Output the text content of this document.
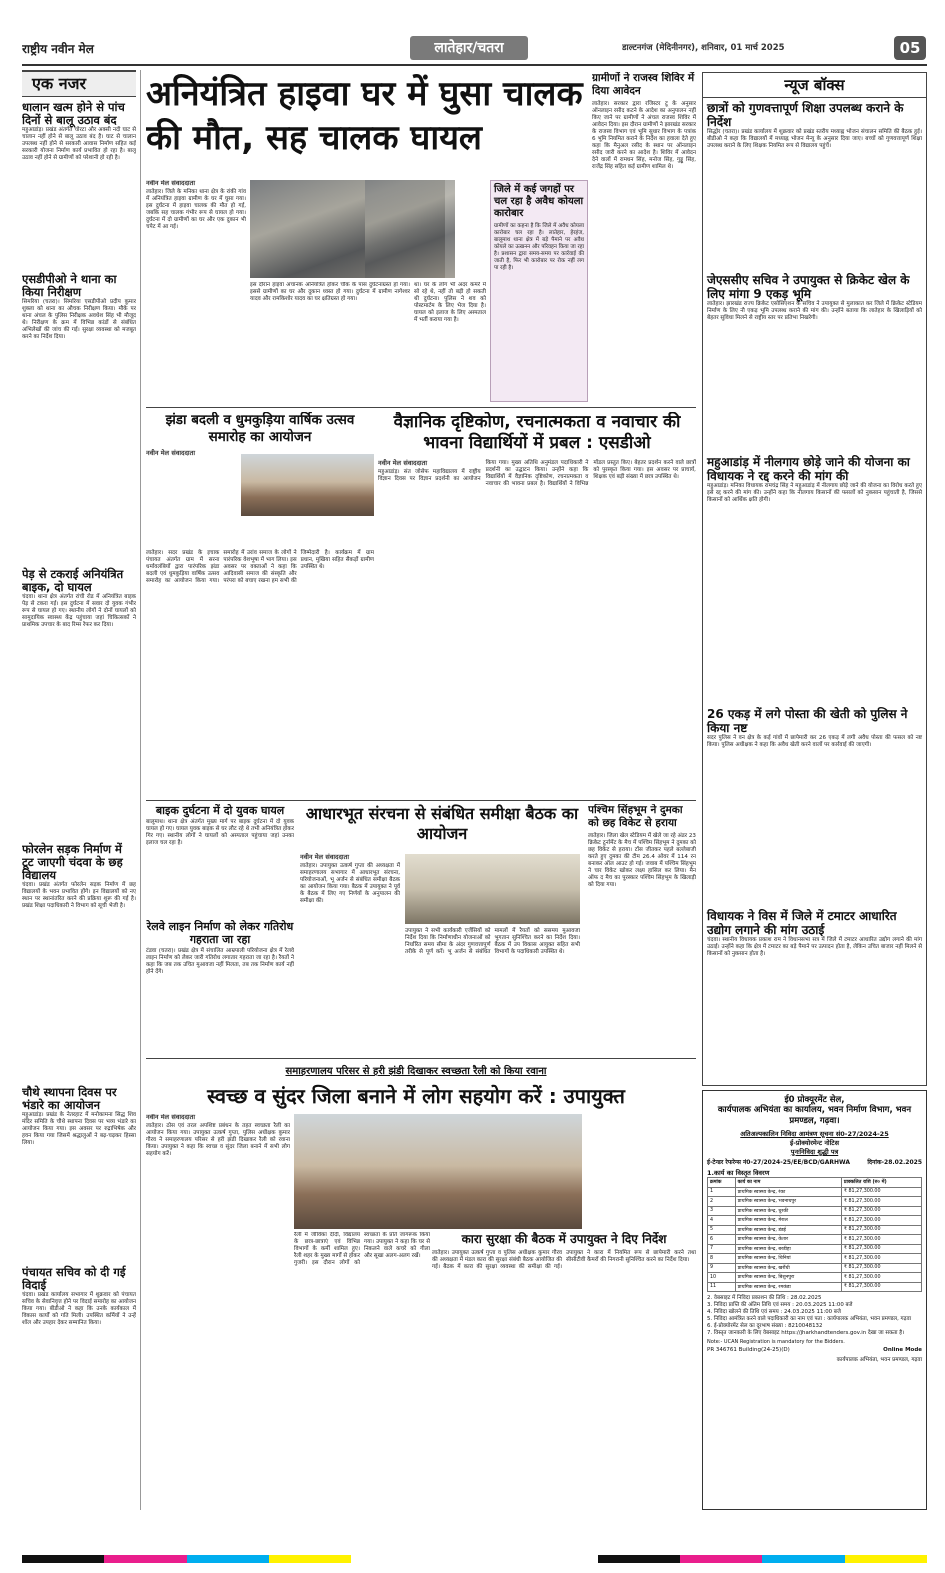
राष्ट्रीय नवीन मेल	लातेहार/चतरा	डाल्टनगंज (मेदिनीनगर), शनिवार, 01 मार्च 2025	05
एक नजर
धालान खत्म होने से पांच दिनों से बालू उठाव बंद
महुआडांड़। प्रखंड अंतर्गत चोरटा और अक्सी नदी घाट से चालान नहीं होने से बालू उठाव बंद है। घाट से चालान उपलब्ध नहीं होने से सरकारी आवास निर्माण सहित कई सरकारी योजना निर्माण कार्य प्रभावित हो रहा है। बालू उठाव नहीं होने से ग्रामीणों को परेशानी हो रही है।
एसडीपीओ ने थाना का किया निरीक्षण
सिमरिया (चतरा)। सिमरिया एसडीपीओ प्रदीप कुमार शुक्ला को थाना का औचक निरीक्षण किया। मौके पर थाना अंचल के पुलिस निरीक्षक अवधेश सिंह भी मौजूद थे। निरीक्षण के क्रम में विभिन्न कांडों से संबंधित अभिलेखों की जांच की गई। सुरक्षा व्यवस्था को मजबूत करने का निर्देश दिया।
पेड़ से टकराई अनियंत्रित बाइक, दो घायल
चंदवा। थाना क्षेत्र अंतर्गत रांची रोड में अनियंत्रित बाइक पेड़ से टकरा गई। इस दुर्घटना में सवार दो युवक गंभीर रूप से घायल हो गए। स्थानीय लोगों ने दोनों घायलों को सामुदायिक स्वास्थ्य केंद्र पहुंचाया जहां चिकित्सकों ने प्राथमिक उपचार के बाद रिम्स रेफर कर दिया।
फोरलेन सड़क निर्माण में टूट जाएगी चंदवा के छह विद्यालय
चंदवा। प्रखंड अंतर्गत फोरलेन सड़क निर्माण में छह विद्यालयों के भवन प्रभावित होंगे। इन विद्यालयों को नए स्थान पर स्थानांतरित करने की प्रक्रिया शुरू की गई है। प्रखंड शिक्षा पदाधिकारी ने विभाग को सूची भेजी है।
चौथे स्थापना दिवस पर भंडारे का आयोजन
महुआडांड़। प्रखंड के नेतरहाट में मनोकामना सिद्ध शिव मंदिर समिति के चौथे स्थापना दिवस पर भव्य भंडारे का आयोजन किया गया। इस अवसर पर रुद्राभिषेक और हवन किया गया जिसमें श्रद्धालुओं ने बढ़-चढ़कर हिस्सा लिया।
पंचायत सचिव को दी गई विदाई
चंदवा। प्रखंड कार्यालय सभागार में शुक्रवार को पंचायत सचिव के सेवानिवृत्त होने पर विदाई समारोह का आयोजन किया गया। बीडीओ ने कहा कि उनके कार्यकाल में विकास कार्यों को गति मिली। उपस्थित कर्मियों ने उन्हें शॉल और उपहार देकर सम्मानित किया।
अनियंत्रित हाइवा घर में घुसा चालक की मौत, सह चालक घायल
नवीन मेल संवाददाता
लातेहार। जिले के मनिका थाना क्षेत्र के रांकी गांव में अनियंत्रित हाइवा ग्रामीण के घर में घुसा गया। इस दुर्घटना में हाइवा चालक की मौत हो गई, जबकि सह चालक गंभीर रूप से घायल हो गया। दुर्घटना में दो ग्रामीणों का घर और एक दुकान भी चपेट में आ गई।
इस दौरान हाइवा अचानक अनियंत्रित होकर चौक के पास दुर्घटनाग्रस्त हो गया। इससे ग्रामीणों का घर और दुकान ध्वस्त हो गया। दुर्घटना में ग्रामीण नागेश्वर यादव और रामकिशोर यादव का घर क्षतिग्रस्त हो गया।
था। घर के लोग भी अंदर कमरे में सो रहे थे, नहीं तो बड़ी हो सकती थी दुर्घटना। पुलिस ने शव को पोस्टमार्टम के लिए भेज दिया है। घायल को इलाज के लिए अस्पताल में भर्ती कराया गया है।
जिले में कई जगहों पर चल रहा है अवैध कोयला कारोबार
ग्रामीणों का कहना है कि जिले में अवैध कोयला कारोबार चल रहा है। लातेहार, हेरहंज, बालूमाथ थाना क्षेत्र में बड़े पैमाने पर अवैध कोयले का उत्खनन और परिवहन किया जा रहा है। प्रशासन द्वारा समय-समय पर कार्रवाई की जाती है, फिर भी कारोबार पर रोक नहीं लग पा रही है।
ग्रामीणों ने राजस्व शिविर में दिया आवेदन
लातेहार। सरकार द्वारा रजिस्टर टू के अनुसार ऑनलाइन रसीद कटने के आदेश का अनुपालन नहीं किए जाने पर ग्रामीणों ने अंचल राजस्व शिविर में आवेदन दिया। इस दौरान ग्रामीणों ने झारखंड सरकार के राजस्व विभाग एवं भूमि सुधार विभाग के पत्रांक 6 भूमि नियमित कराने के निर्देश का हवाला देते हुए कहा कि मैनुअल रसीद के स्थान पर ऑनलाइन रसीद जारी करने का आदेश है। शिविर में आवेदन देने वालों में रामधन सिंह, मनोज सिंह, गुड्डू सिंह, राजेंद्र सिंह सहित कई ग्रामीण शामिल थे।
न्यूज बॉक्स
छात्रों को गुणवत्तापूर्ण शिक्षा उपलब्ध कराने के निर्देश
सिद्धोर (चतरा)। प्रखंड कार्यालय में शुक्रवार को प्रखंड स्तरीय मध्याह्न भोजन संचालन समिति की बैठक हुई। बीडीओ ने कहा कि विद्यालयों में मध्याह्न भोजन मेन्यू के अनुसार दिया जाए। बच्चों को गुणवत्तापूर्ण शिक्षा उपलब्ध कराने के लिए शिक्षक नियमित रूप से विद्यालय पहुंचें।
जेएससीए सचिव ने उपायुक्त से क्रिकेट खेल के लिए मांगा 9 एकड़ भूमि
लातेहार। झारखंड राज्य क्रिकेट एसोसिएशन के सचिव ने उपायुक्त से मुलाकात कर जिले में क्रिकेट स्टेडियम निर्माण के लिए नौ एकड़ भूमि उपलब्ध कराने की मांग की। उन्होंने बताया कि लातेहार के खिलाड़ियों को बेहतर सुविधा मिलने से राष्ट्रीय स्तर पर प्रतिभा निखरेगी।
महुआडांड़ में नीलगाय छोड़े जाने की योजना का विधायक ने रद्द करने की मांग की
महुआडांड़। मनिका विधायक रामचंद्र सिंह ने महुआडांड़ में नीलगाय छोड़े जाने की योजना का विरोध करते हुए इसे रद्द करने की मांग की। उन्होंने कहा कि नीलगाय किसानों की फसलों को नुकसान पहुंचाती है, जिससे किसानों को आर्थिक क्षति होगी।
26 एकड़ में लगे पोस्ता की खेती को पुलिस ने किया नष्ट
सदर पुलिस ने वन क्षेत्र के कई गांवों में छापेमारी कर 26 एकड़ में लगी अवैध पोस्ता की फसल को नष्ट किया। पुलिस अधीक्षक ने कहा कि अवैध खेती करने वालों पर कार्रवाई की जाएगी।
विधायक ने विस में जिले में टमाटर आधारित उद्योग लगाने की मांग उठाई
चंदवा। स्थानीय विधायक प्रकाश राम ने विधानसभा सत्र में जिले में टमाटर आधारित उद्योग लगाने की मांग उठाई। उन्होंने कहा कि क्षेत्र में टमाटर का बड़े पैमाने पर उत्पादन होता है, लेकिन उचित बाजार नहीं मिलने से किसानों को नुकसान होता है।
झंडा बदली व धुमकुड़िया वार्षिक उत्सव समारोह का आयोजन
नवीन मेल संवाददाता
लातेहार। सदर प्रखंड के इचाक पंचायत अंतर्गत ग्राम में सरना धर्मावलंबियों द्वारा पारंपरिक झंडा बदली एवं धुमकुड़िया वार्षिक उत्सव समारोह का आयोजन किया गया। समारोह में उरांव समाज के लोगों ने पारंपरिक वेशभूषा में भाग लिया। इस अवसर पर वक्ताओं ने कहा कि आदिवासी समाज की संस्कृति और परंपरा को बचाए रखना हम सभी की जिम्मेदारी है। कार्यक्रम में ग्राम प्रधान, मुखिया सहित सैकड़ों ग्रामीण उपस्थित थे।
वैज्ञानिक दृष्टिकोण, रचनात्मकता व नवाचार की भावना विद्यार्थियों में प्रबल : एसडीओ
नवीन मेल संवाददाता
महुआडांड़। संत जोसेफ महाविद्यालय में राष्ट्रीय विज्ञान दिवस पर विज्ञान प्रदर्शनी का आयोजन किया गया। मुख्य अतिथि अनुमंडल पदाधिकारी ने प्रदर्शनी का उद्घाटन किया। उन्होंने कहा कि विद्यार्थियों में वैज्ञानिक दृष्टिकोण, रचनात्मकता व नवाचार की भावना प्रबल है। विद्यार्थियों ने विभिन्न मॉडल प्रस्तुत किए। बेहतर प्रदर्शन करने वाले छात्रों को पुरस्कृत किया गया। इस अवसर पर प्राचार्य, शिक्षक एवं बड़ी संख्या में छात्र उपस्थित थे।
बाइक दुर्घटना में दो युवक घायल
बालूमाथ। थाना क्षेत्र अंतर्गत मुख्य मार्ग पर बाइक दुर्घटना में दो युवक घायल हो गए। घायल युवक बाइक से घर लौट रहे थे तभी अनियंत्रित होकर गिर गए। स्थानीय लोगों ने घायलों को अस्पताल पहुंचाया जहां उनका इलाज चल रहा है।
रेलवे लाइन निर्माण को लेकर गतिरोध गहराता जा रहा
टंडवा (चतरा)। प्रखंड क्षेत्र में संचालित आम्रपाली परियोजना क्षेत्र में रेलवे लाइन निर्माण को लेकर जारी गतिरोध लगातार गहराता जा रहा है। रैयतों ने कहा कि जब तक उचित मुआवजा नहीं मिलता, तब तक निर्माण कार्य नहीं होने देंगे।
आधारभूत संरचना से संबंधित समीक्षा बैठक का आयोजन
नवीन मेल संवाददाता
लातेहार। उपायुक्त उत्कर्ष गुप्ता की अध्यक्षता में समाहरणालय सभागार में आधारभूत संरचना, परियोजनाओं, भू अर्जन से संबंधित समीक्षा बैठक का आयोजन किया गया। बैठक में उपायुक्त ने पूर्व के बैठक में लिए गए निर्णयों के अनुपालन की समीक्षा की।
उपायुक्त ने सभी कार्यकारी एजेंसियों को निर्देश दिया कि निर्माणाधीन योजनाओं को निर्धारित समय सीमा के अंदर गुणवत्तापूर्ण तरीके से पूर्ण करें। भू अर्जन से संबंधित मामलों में रैयतों को ससमय मुआवजा भुगतान सुनिश्चित करने का निर्देश दिया। बैठक में उप विकास आयुक्त सहित सभी विभागों के पदाधिकारी उपस्थित थे।
पश्चिम सिंहभूम ने दुमका को छह विकेट से हराया
लातेहार। जिला खेल स्टेडियम में खेले जा रहे अंडर 23 क्रिकेट टूर्नामेंट के मैच में पश्चिम सिंहभूम ने दुमका को छह विकेट से हराया। टॉस जीतकर पहले बल्लेबाजी करते हुए दुमका की टीम 26.4 ओवर में 114 रन बनाकर ऑल आउट हो गई। जवाब में पश्चिम सिंहभूम ने चार विकेट खोकर लक्ष्य हासिल कर लिया। मैन ऑफ द मैच का पुरस्कार पश्चिम सिंहभूम के खिलाड़ी को दिया गया।
समाहरणालय परिसर से हरी झंडी दिखाकर स्वच्छता रैली को किया रवाना
स्वच्छ व सुंदर जिला बनाने में लोग सहयोग करें : उपायुक्त
नवीन मेल संवाददाता
लातेहार। ठोस एवं तरल अपशिष्ट प्रबंधन के तहत स्वच्छता रैली का आयोजन किया गया। उपायुक्त उत्कर्ष गुप्ता, पुलिस अधीक्षक कुमार गौरव ने समाहरणालय परिसर से हरी झंडी दिखाकर रैली को रवाना किया। उपायुक्त ने कहा कि स्वच्छ व सुंदर जिला बनाने में सभी लोग सहयोग करें।
रैली में जीविका दीदी, विद्यालय के छात्र-छात्राएं एवं विभिन्न विभागों के कर्मी शामिल हुए। रैली शहर के मुख्य मार्गों से होकर गुजरी। इस दौरान लोगों को स्वच्छता के प्रति जागरूक किया गया। उपायुक्त ने कहा कि घर से निकलने वाले कचरे को गीला और सूखा अलग-अलग रखें।
कारा सुरक्षा की बैठक में उपायुक्त ने दिए निर्देश
लातेहार। उपायुक्त उत्कर्ष गुप्ता व पुलिस अधीक्षक कुमार गौरव की अध्यक्षता में मंडल कारा की सुरक्षा संबंधी बैठक आयोजित की गई। बैठक में कारा की सुरक्षा व्यवस्था की समीक्षा की गई। उपायुक्त ने कारा में नियमित रूप से छापेमारी करने तथा सीसीटीवी कैमरों की निगरानी सुनिश्चित करने का निर्देश दिया।
ई0 प्रोक्यूरमेंट सेल,
कार्यपालक अभियंता का कार्यालय, भवन निर्माण विभाग, भवन प्रमण्डल, गढ़वा।
अतिअल्पकालिन निविदा आमंत्रण सूचना सं0-27/2024-25
ई-प्रोक्योरमेन्ट नोटिस
पुनःनिविदा शुद्धी पत्र
ई-टेन्डर रेफरेन्स नं0-27/2024-25/EE/BCD/GARHWA	दिनांक-28.02.2025
1.कार्य का विस्तृत विवरण
क्रमांक	कार्य का नाम	प्राक्कलित राशि (रु० में)
1	प्राथमिक स्वास्थ्य केन्द्र, रंका	₹ 81,27,300.00
2	प्राथमिक स्वास्थ्य केन्द्र, भवनाथपुर	₹ 81,27,300.00
3	प्राथमिक स्वास्थ्य केन्द्र, धुरकी	₹ 81,27,300.00
4	प्राथमिक स्वास्थ्य केन्द्र, मेराल	₹ 81,27,300.00
5	प्राथमिक स्वास्थ्य केन्द्र, डंडई	₹ 81,27,300.00
6	प्राथमिक स्वास्थ्य केन्द्र, केतार	₹ 81,27,300.00
7	प्राथमिक स्वास्थ्य केन्द्र, बरडीहा	₹ 81,27,300.00
8	प्राथमिक स्वास्थ्य केन्द्र, चिनियां	₹ 81,27,300.00
9	प्राथमिक स्वास्थ्य केन्द्र, खरौंधी	₹ 81,27,300.00
10	प्राथमिक स्वास्थ्य केन्द्र, बिशुनपुरा	₹ 81,27,300.00
11	प्राथमिक स्वास्थ्य केन्द्र, रमकंडा	₹ 81,27,300.00
2. वेबसाइट में निविदा प्रकाशन की तिथि : 28.02.2025
3. निविदा प्राप्ति की अंतिम तिथि एवं समय : 20.03.2025 11:00 बजे
4. निविदा खोलने की तिथि एवं समय : 24.03.2025 11:00 बजे
5. निविदा आमंत्रित करने वाले पदाधिकारी का नाम एवं पता : कार्यपालक अभियंता, भवन प्रमण्डल, गढ़वा
6. ई-प्रोक्योरमेंट सेल का दूरभाष संख्या : 8210048132
7. विस्तृत जानकारी के लिए वेबसाइट https://jharkhandtenders.gov.in देखा जा सकता है।
Note:- UCAN Registration is mandatory for the Bidders.
PR 346761 Building(24-25)(D)	Online Mode
कार्यपालक अभियंता, भवन प्रमण्डल, गढ़वा
